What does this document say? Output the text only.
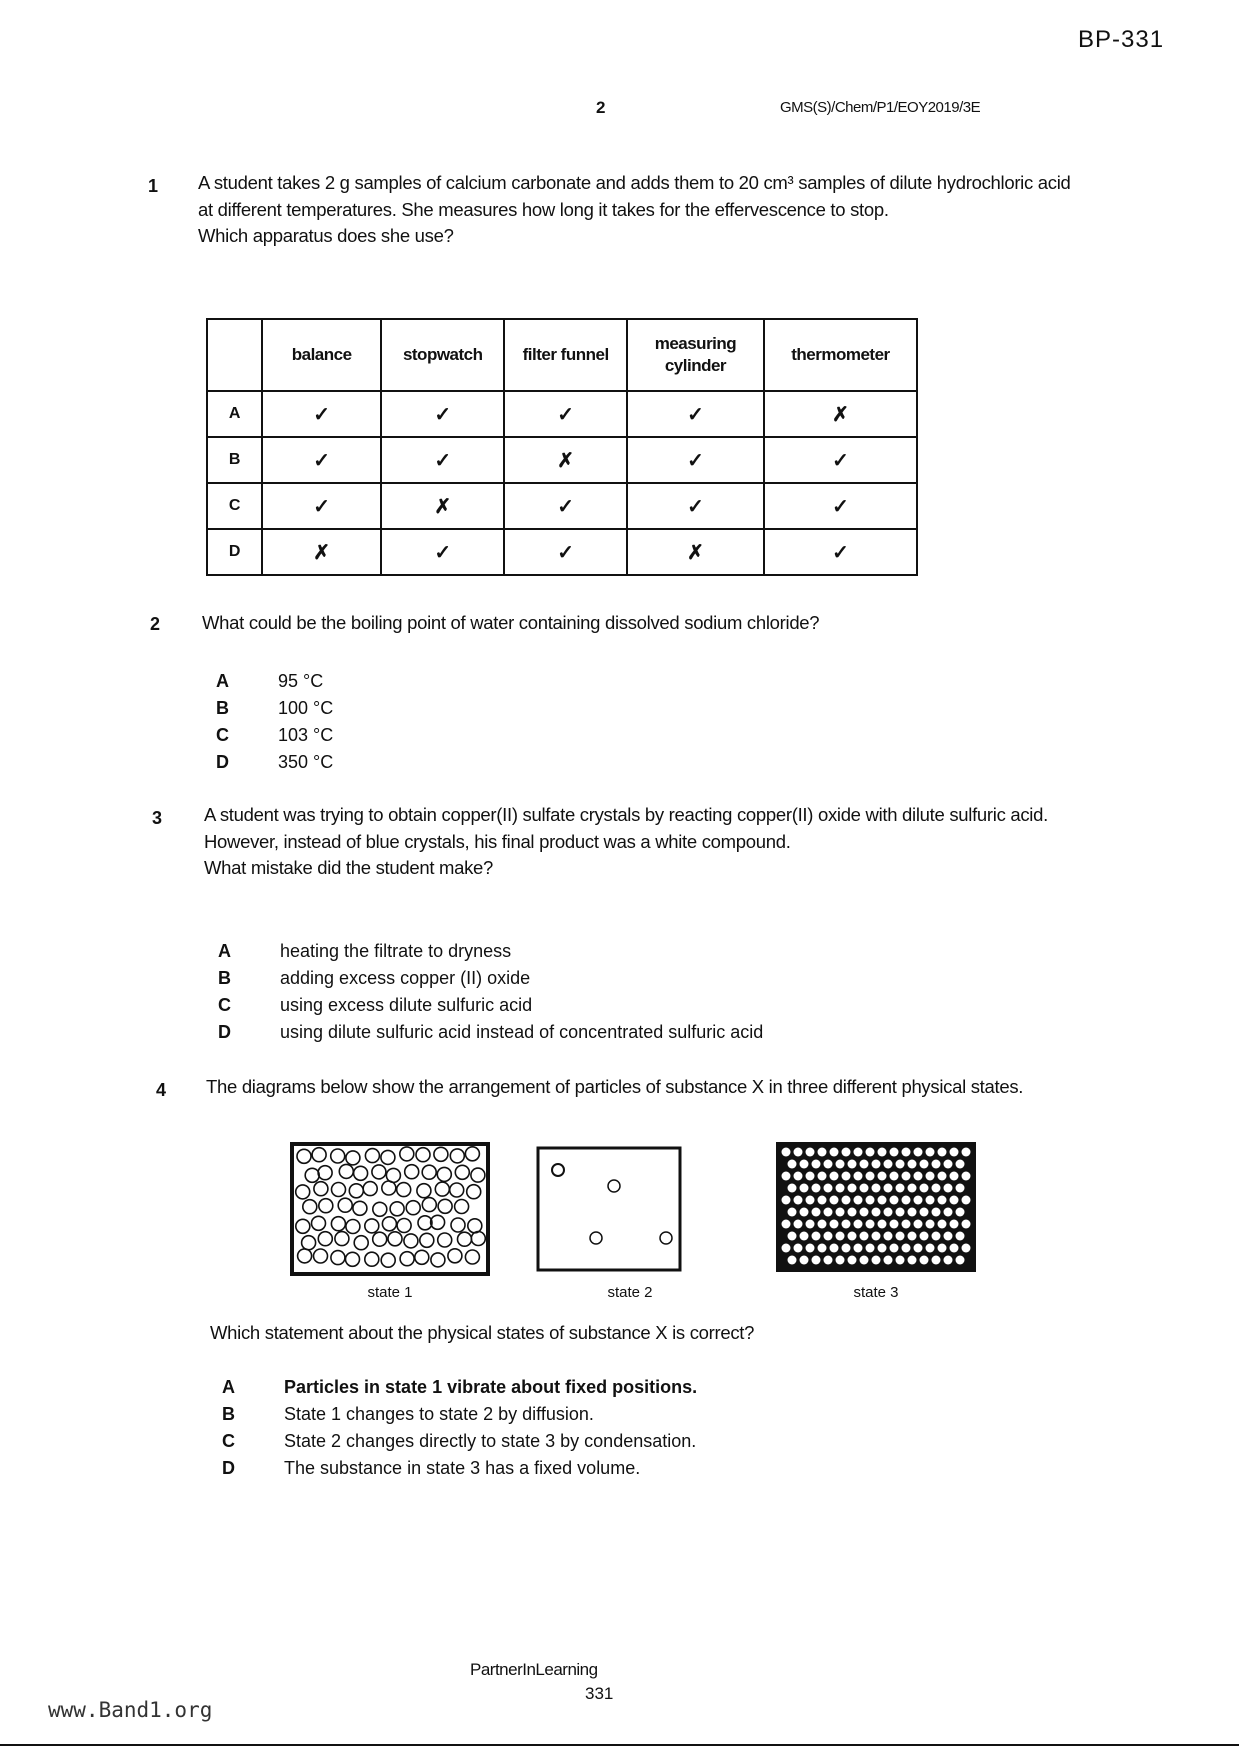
BP-331
2	GMS(S)/Chem/P1/EOY2019/3E
1 A student takes 2 g samples of calcium carbonate and adds them to 20 cm³ samples of dilute hydrochloric acid at different temperatures. She measures how long it takes for the effervescence to stop.
Which apparatus does she use?
	balance	stopwatch	filter funnel	measuring cylinder	thermometer
A	✓	✓	✓	✓	✗
B	✓	✓	✗	✓	✓
C	✓	✗	✓	✓	✓
D	✗	✓	✓	✗	✓
2 What could be the boiling point of water containing dissolved sodium chloride?
A	95 °C
B	100 °C
C	103 °C
D	350 °C
3 A student was trying to obtain copper(II) sulfate crystals by reacting copper(II) oxide with dilute sulfuric acid. However, instead of blue crystals, his final product was a white compound.
What mistake did the student make?
A	heating the filtrate to dryness
B	adding excess copper (II) oxide
C	using excess dilute sulfuric acid
D	using dilute sulfuric acid instead of concentrated sulfuric acid
4 The diagrams below show the arrangement of particles of substance X in three different physical states.
state 1	state 2	state 3
Which statement about the physical states of substance X is correct?
A	Particles in state 1 vibrate about fixed positions.
B	State 1 changes to state 2 by diffusion.
C	State 2 changes directly to state 3 by condensation.
D	The substance in state 3 has a fixed volume.
PartnerInLearning
331
www.Band1.org
